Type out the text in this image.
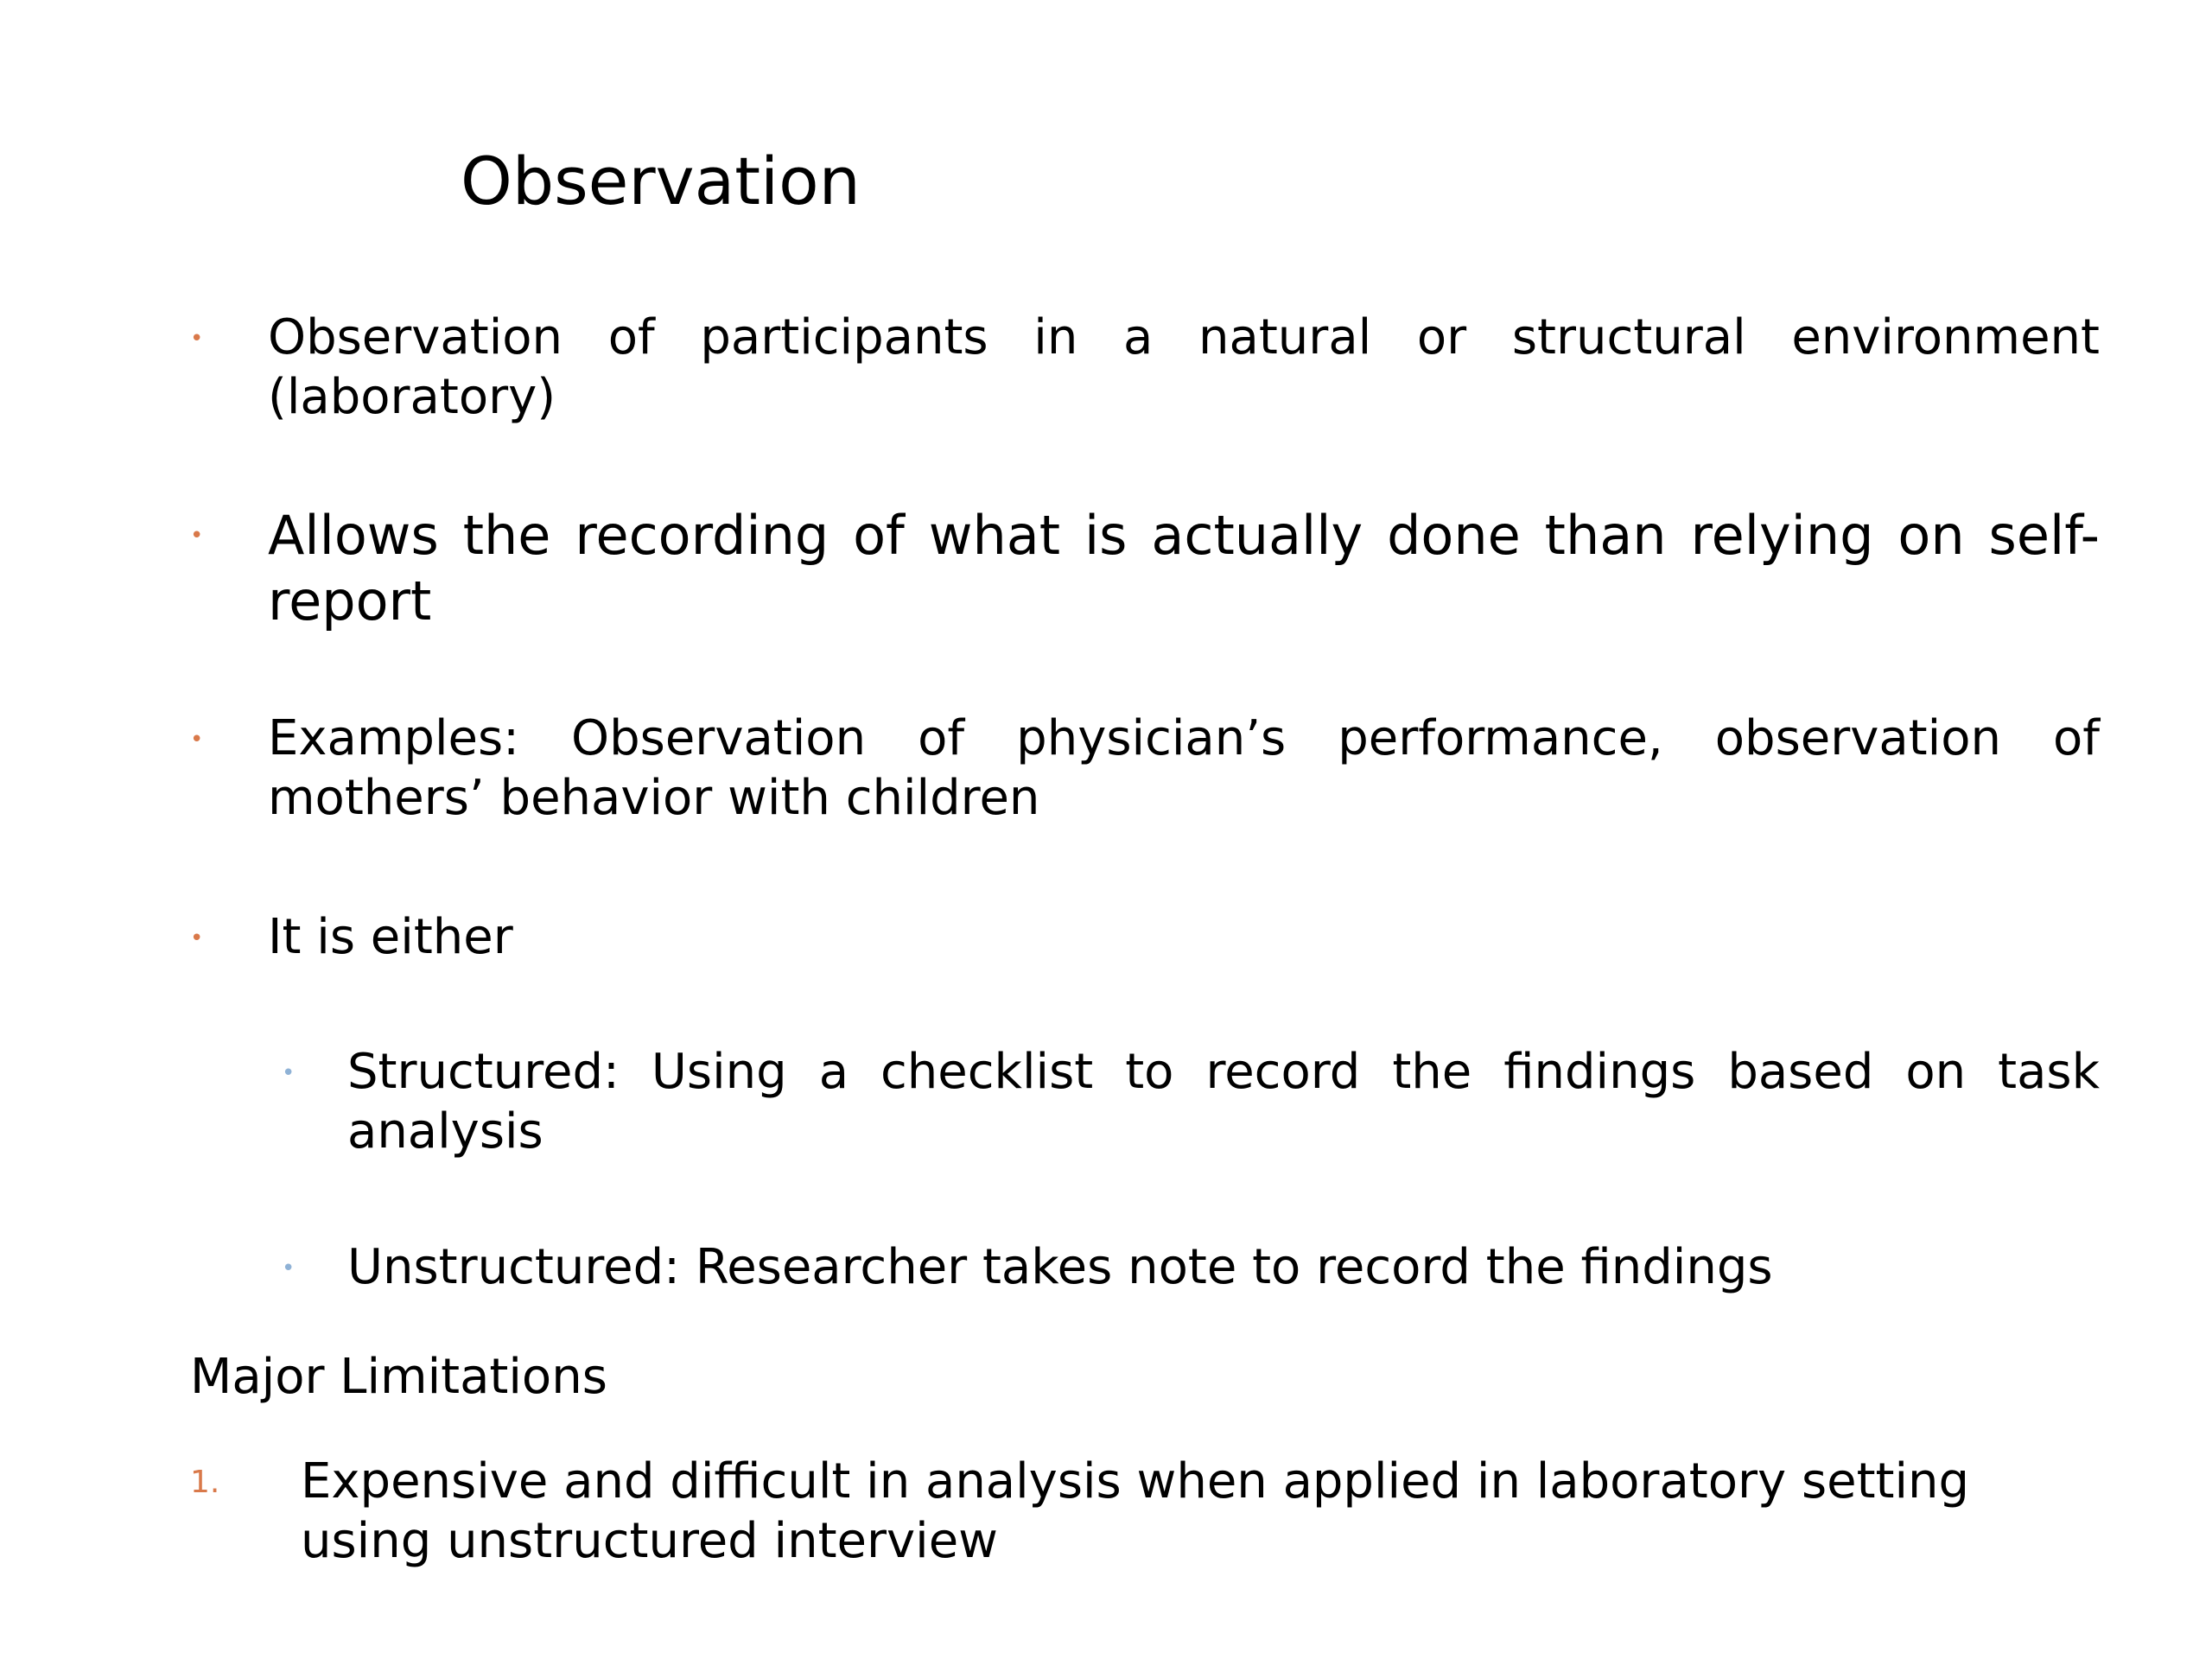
Observation
• Observation of participants in a natural or structural environment (laboratory)
• Allows the recording of what is actually done than relying on self-report
• Examples: Observation of physician’s performance, observation of mothers’ behavior with children
• It is either
• Structured: Using a checklist to record the findings based on task analysis
• Unstructured: Researcher takes note to record the findings
Major Limitations
1. Expensive and difficult in analysis when applied in laboratory setting using unstructured interview
